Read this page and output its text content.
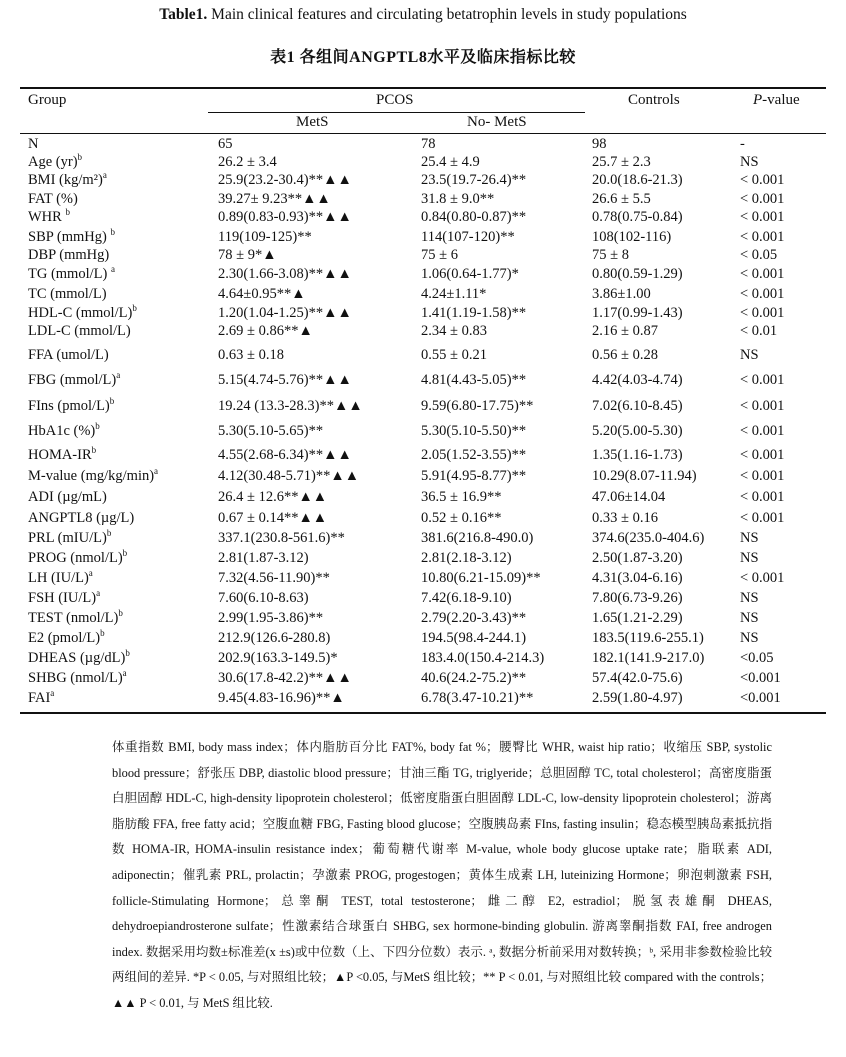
Table1. Main clinical features and circulating betatrophin levels in study populations
表1 各组间ANGPTL8水平及临床指标比较
Group	PCOS	Controls	P-value
MetS	No- MetS
N	65	78	98	-
Age (yr)$^b$	26.2 ± 3.4	25.4 ± 4.9	25.7 ± 2.3	NS
BMI $(kg/m^2)^a$	25.9(23.2-30.4)**▲▲	23.5(19.7-26.4)**	20.0(18.6-21.3)	< 0.001
FAT (%)	39.27± 9.23**▲▲	31.8 ± 9.0**	26.6 ± 5.5	< 0.001
WHR $^b$	0.89(0.83-0.93)**▲▲	0.84(0.80-0.87)**	0.78(0.75-0.84)	< 0.001
SBP (mmHg) $^b$	119(109-125)**	114(107-120)**	108(102-116)	< 0.001
DBP (mmHg)	78 ± 9*▲	75 ± 6	75 ± 8	< 0.05
TG (mmol/L) $^a$	2.30(1.66-3.08)**▲▲	1.06(0.64-1.77)*	0.80(0.59-1.29)	< 0.001
TC (mmol/L)	4.64±0.95**▲	4.24±1.11*	3.86±1.00	< 0.001
HDL-C (mmol/L)$^b$	1.20(1.04-1.25)**▲▲	1.41(1.19-1.58)**	1.17(0.99-1.43)	< 0.001
LDL-C (mmol/L)	2.69 ± 0.86**▲	2.34 ± 0.83	2.16 ± 0.87	< 0.01
FFA (umol/L)	0.63 ± 0.18	0.55 ± 0.21	0.56 ± 0.28	NS
FBG (mmol/L)$^a$	5.15(4.74-5.76)**▲▲	4.81(4.43-5.05)**	4.42(4.03-4.74)	< 0.001
FIns (pmol/L)$^b$	19.24 (13.3-28.3)**▲▲	9.59(6.80-17.75)**	7.02(6.10-8.45)	< 0.001
HbA1c (%)$^b$	5.30(5.10-5.65)**	5.30(5.10-5.50)**	5.20(5.00-5.30)	< 0.001
HOMA-$IR^b$	4.55(2.68-6.34)**▲▲	2.05(1.52-3.55)**	1.35(1.16-1.73)	< 0.001
M-value $(mg/kg/\min)^a$	4.12(30.48-5.71)**▲▲	5.91(4.95-8.77)**	10.29(8.07-11.94)	< 0.001
ADI (µg/mL)	26.4 ± 12.6**▲▲	36.5 ± 16.9**	47.06±14.04	< 0.001
ANGPTL8 (µg/L)	0.67 ± 0.14**▲▲	0.52 ± 0.16**	0.33 ± 0.16	< 0.001
PRL $(mIU/L)^b$	337.1(230.8-561.6)**	381.6(216.8-490.0)	374.6(235.0-404.6) NS
PROG (nmol/L)$^b$	2.81(1.87-3.12)	2.81(2.18-3.12)	2.50(1.87-3.20)	NS
LH $(IU/L)^a$	7.32(4.56-11.90)**	10.80(6.21-15.09)**	4.31(3.04-6.16)	< 0.001
FSH $(IU/L)^a$	7.60(6.10-8.63)	7.42(6.18-9.10)	7.80(6.73-9.26)	NS
TEST (nmol/L)$^b$	2.99(1.95-3.86)**	2.79(2.20-3.43)**	1.65(1.21-2.29)	NS
E2 (pmol/L)$^b$	212.9(126.6-280.8)	194.5(98.4-244.1)	183.5(119.6-255.1) NS
DHEAS $(\mu g/dL)^b$	202.9(163.3-149.5)*	183.4.0(150.4-214.3)	182.1(141.9-217.0) <0.05
SHBG (nmol/L)$^a$	30.6(17.8-42.2)**▲▲	40.6(24.2-75.2)**	57.4(42.0-75.6)	<0.001
FAI$^a$	9.45(4.83-16.96)**▲	6.78(3.47-10.21)**	2.59(1.80-4.97)	<0.001
体重指数 BMI, body mass index；体内脂肪百分比 FAT%, body fat %；腰臀比 WHR, waist hip ratio；收缩压 SBP, systolic blood pressure；舒张压 DBP, diastolic blood pressure；甘油三酯 TG, triglyeride；总胆固醇 TC, total cholesterol；高密度脂蛋白胆固醇 HDL-C, high-density lipoprotein cholesterol；低密度脂蛋白胆固醇 LDL-C, low-density lipoprotein cholesterol；游离脂肪酸 FFA, free fatty acid；空腹血糖 FBG, Fasting blood glucose；空腹胰岛素 FIns, fasting insulin；稳态模型胰岛素抵抗指数 HOMA-IR, HOMA-insulin resistance index；葡萄糖代谢率 M-value, whole body glucose uptake rate；脂联素 ADI, adiponectin；催乳素 PRL, prolactin；孕激素 PROG, progestogen；黄体生成素 LH, luteinizing Hormone；卵泡刺激素 FSH, follicle-Stimulating Hormone；总睾酮 TEST, total testosterone；雌二醇 E2, estradiol；脱氢表雄酮 DHEAS, dehydroepiandrosterone sulfate；性激素结合球蛋白 SHBG, sex hormone-binding globulin. 游离睾酮指数 FAI, free androgen index. 数据采用均数±标准差(x ±s)或中位数（上、下四分位数）表示. ᵃ, 数据分析前采用对数转换；ᵇ, 采用非参数检验比较两组间的差异. *P < 0.05, 与对照组比较；▲P <0.05, 与MetS 组比较；** P < 0.01, 与对照组比较 compared with the controls；▲▲ P < 0.01, 与 MetS 组比较.
